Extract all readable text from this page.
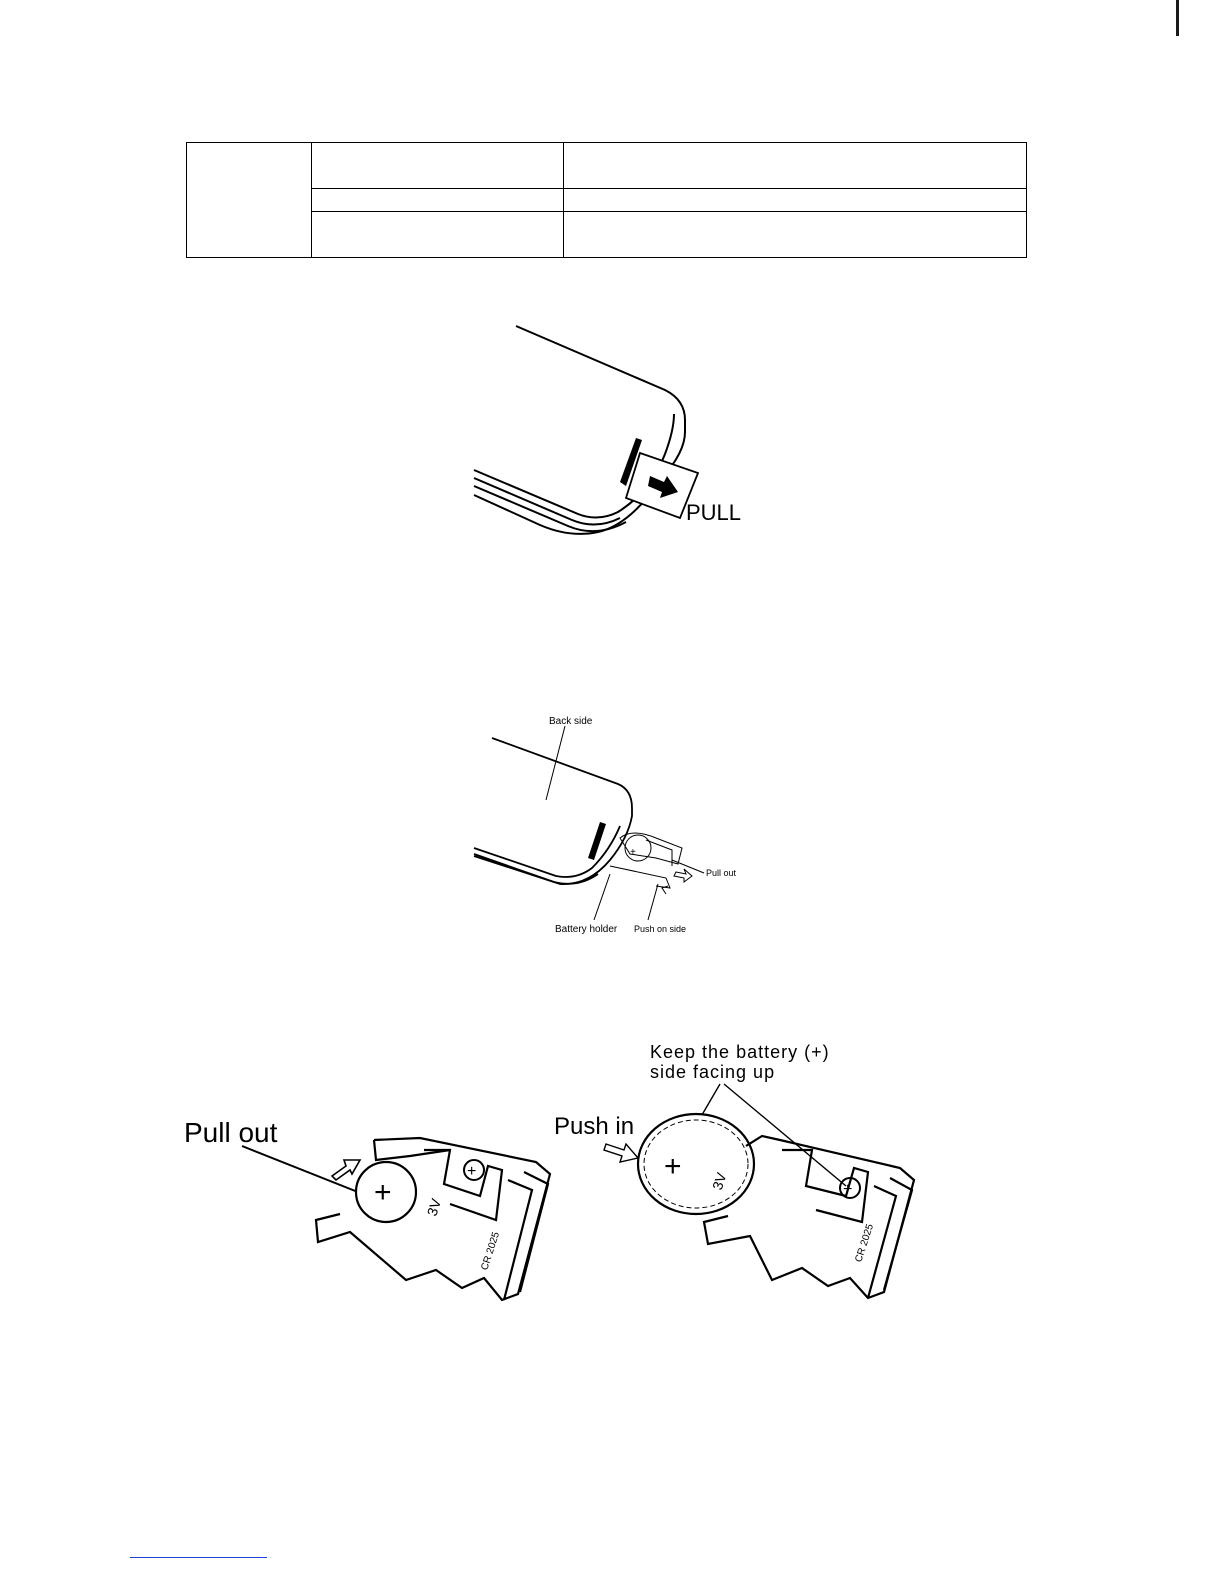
PULL
Back side
+
Pull out
Battery holder Push on side
Pull out
+
+
3V
CR 2025
Keep the battery (+)
side facing up
Push in
+ 3V	+
CR 2025
